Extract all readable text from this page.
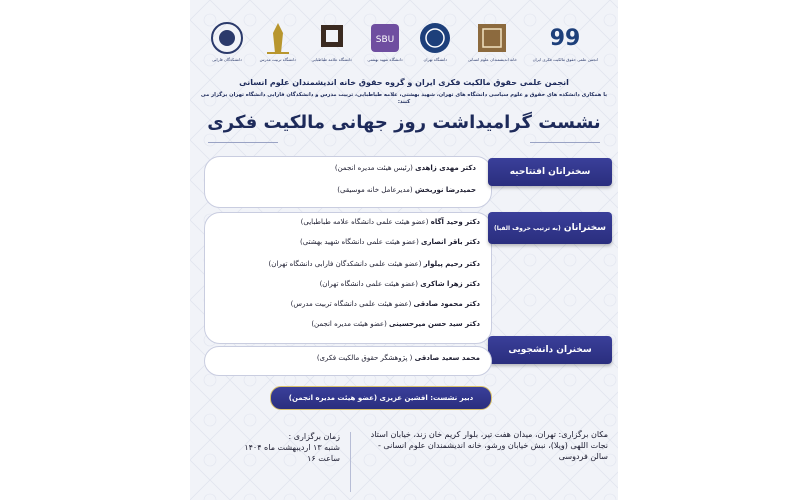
دانشکدگان فارابی	دانشگاه تربیت مدرس	دانشگاه علامه طباطبایی
SBU
دانشگاه شهید بهشتی	دانشگاه تهران	خانه اندیشمندان علوم انسانی
99
انجمن علمی حقوق مالکیت فکری ایران
انجمن علمی حقوق مالکیت فکری ایران و گروه حقوق خانه اندیشمندان علوم انسانی
با همکاری دانشکده های حقوق و علوم سیاسی دانشگاه های تهران، شهید بهشتی، علامه طباطبایی، تربیت مدرس و دانشکدگان فارابی دانشگاه تهران برگزار می کنند:
نشست گرامیداشت روز جهانی مالکیت فکری
سخنرانان افتتاحیه
دکتر مهدی زاهدی (رئیس هیئت مدیره انجمن)
حمیدرضا نوربخش (مدیرعامل خانه موسیقی)
سخنرانان (به ترتیب حروف الفبا)
دکتر وحید آگاه (عضو هیئت علمی دانشگاه علامه طباطبایی)
دکتر باقر انصاری (عضو هیئت علمی دانشگاه شهید بهشتی)
دکتر رحیم پیلوار (عضو هیئت علمی دانشکدگان فارابی دانشگاه تهران)
دکتر زهرا شاکری (عضو هیئت علمی دانشگاه تهران)
دکتر محمود صادقی (عضو هیئت علمی دانشگاه تربیت مدرس)
دکتر سید حسن میرحسینی (عضو هیئت مدیره انجمن)
سخنران دانشجویی
محمد سعید صادقی ( پژوهشگر حقوق مالکیت فکری)
دبیر نشست: افشین عزیزی (عضو هیئت مدیره انجمن)
مکان برگزاری: تهران، میدان هفت تیر، بلوار کریم خان زند، خیابان استاد نجات اللهی (ویلا)، نبش خیابان ورشو، خانه اندیشمندان علوم انسانی - سالن فردوسی
زمان برگزاری :
شنبه ۱۳ اردیبهشت ماه ۱۴۰۴
ساعت ۱۶
